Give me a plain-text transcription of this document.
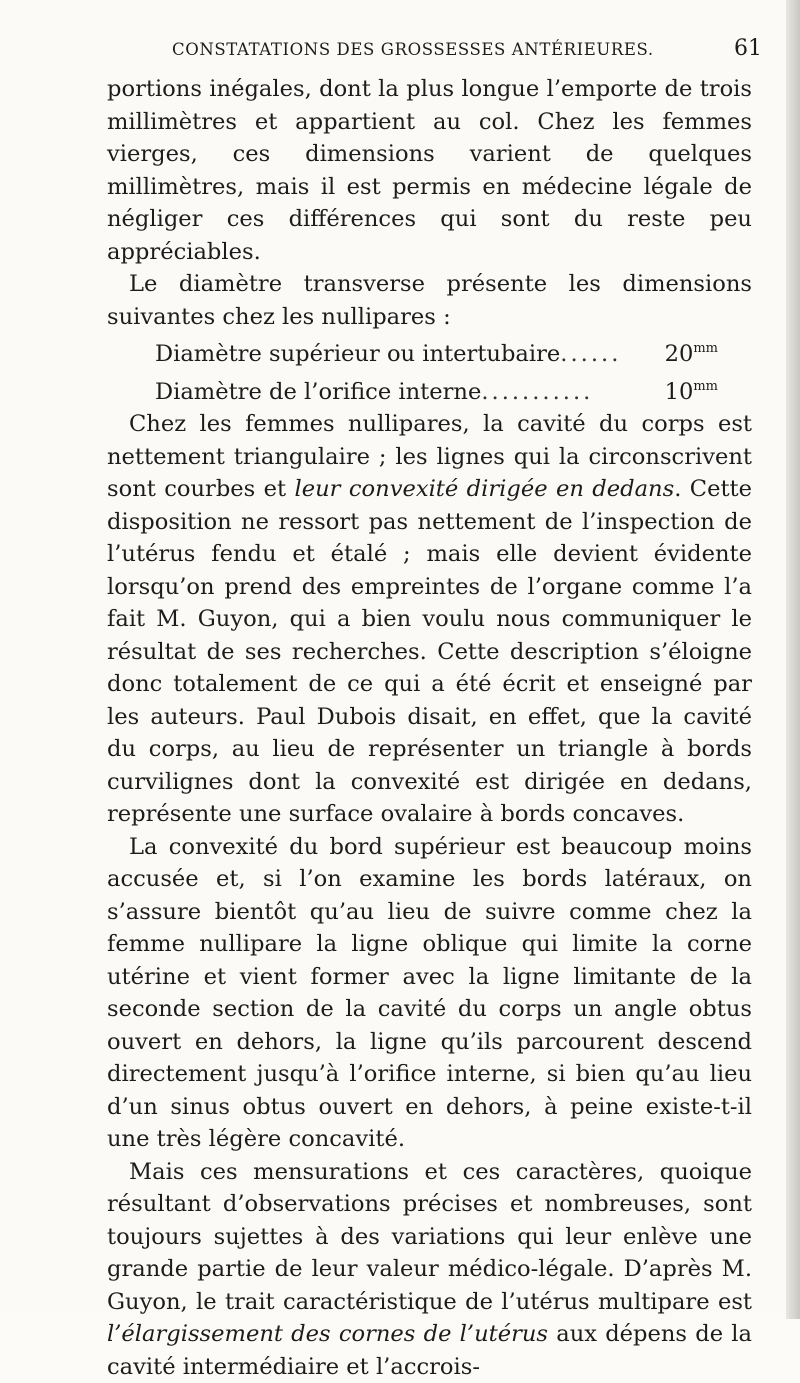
CONSTATATIONS DES GROSSESSES ANTÉRIEURES.	61

portions inégales, dont la plus longue l’emporte de trois millimètres et appartient au col. Chez les femmes vierges, ces dimensions varient de quelques millimètres, mais il est permis en médecine légale de négliger ces différences qui sont du reste peu appréciables.

Le diamètre transverse présente les dimensions suivantes chez les nullipares :

Diamètre supérieur ou intertubaire ......	$20^{mm}$
Diamètre de l’orifice interne ...........	$10^{mm}$

Chez les femmes nullipares, la cavité du corps est nettement triangulaire ; les lignes qui la circonscrivent sont courbes et leur convexité dirigée en dedans. Cette disposition ne ressort pas nettement de l’inspection de l’utérus fendu et étalé ; mais elle devient évidente lorsqu’on prend des empreintes de l’organe comme l’a fait M. Guyon, qui a bien voulu nous communiquer le résultat de ses recherches. Cette description s’éloigne donc totalement de ce qui a été écrit et enseigné par les auteurs. Paul Dubois disait, en effet, que la cavité du corps, au lieu de représenter un triangle à bords curvilignes dont la convexité est dirigée en dedans, représente une surface ovalaire à bords concaves.

La convexité du bord supérieur est beaucoup moins accusée et, si l’on examine les bords latéraux, on s’assure bientôt qu’au lieu de suivre comme chez la femme nullipare la ligne oblique qui limite la corne utérine et vient former avec la ligne limitante de la seconde section de la cavité du corps un angle obtus ouvert en dehors, la ligne qu’ils parcourent descend directement jusqu’à l’orifice interne, si bien qu’au lieu d’un sinus obtus ouvert en dehors, à peine existe-t-il une très légère concavité.

Mais ces mensurations et ces caractères, quoique résultant d’observations précises et nombreuses, sont toujours sujettes à des variations qui leur enlève une grande partie de leur valeur médico-légale. D’après M. Guyon, le trait caractéristique de l’utérus multipare est l’élargissement des cornes de l’utérus aux dépens de la cavité intermédiaire et l’accrois-
